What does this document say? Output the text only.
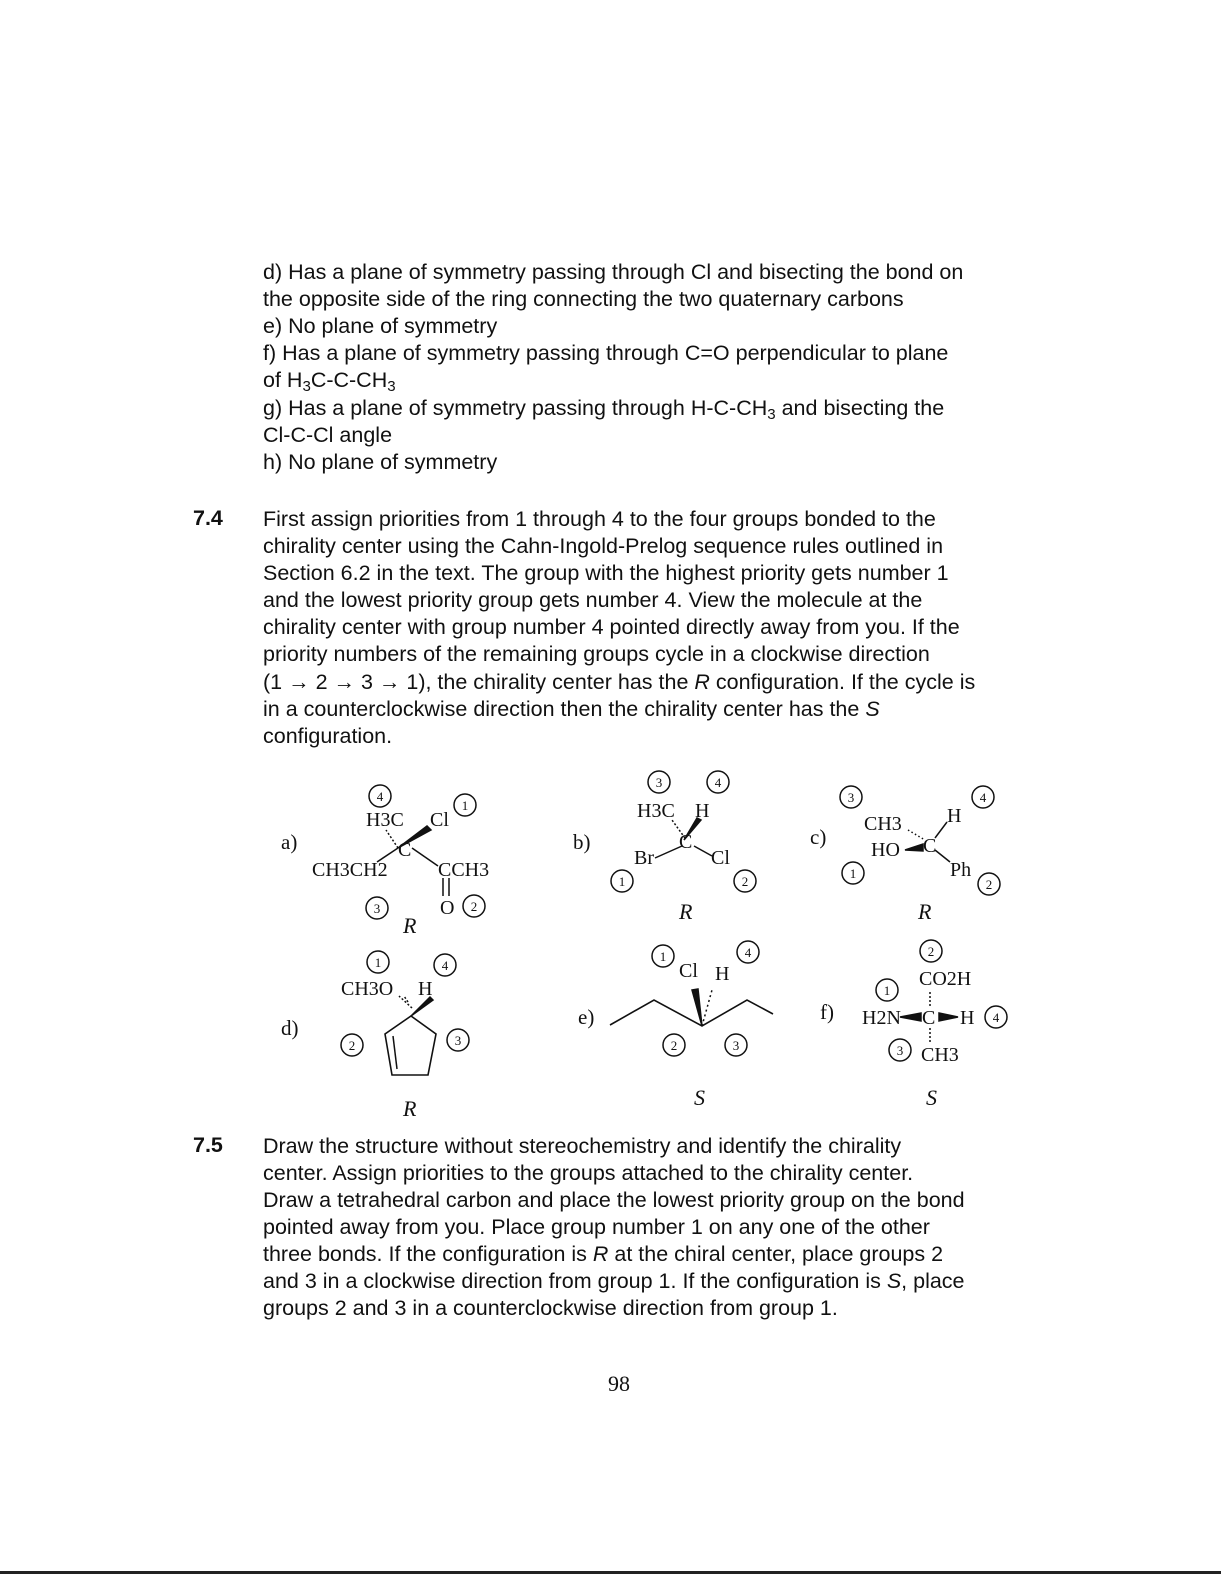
d) Has a plane of symmetry passing through Cl and bisecting the bond on
the opposite side of the ring connecting the two quaternary carbons
e) No plane of symmetry
f) Has a plane of symmetry passing through C=O perpendicular to plane
of $H_3C-C-CH_3$
g) Has a plane of symmetry passing through $H-C-CH_3$ and bisecting the
Cl-C-Cl angle
h) No plane of symmetry
7.4 First assign priorities from 1 through 4 to the four groups bonded to the
chirality center using the Cahn-Ingold-Prelog sequence rules outlined in
Section 6.2 in the text. The group with the highest priority gets number 1
and the lowest priority group gets number 4. View the molecule at the
chirality center with group number 4 pointed directly away from you. If the
priority numbers of the remaining groups cycle in a clockwise direction
(1 → 2 → 3 → 1), the chirality center has the R configuration. If the cycle is
in a counterclockwise direction then the chirality center has the S
configuration.
a)	b)	c)
d)	e)	f)
R
R	R
R	S	S
4
1
3	2
3	4
1	2
3	4
1
2
1	4
2	3
1	4
2	3
2
1
4
3
H3C Cl
C
CH3CH2	CCH3
O
H3C H
C
Br	Cl
CH3 H
HO C
Ph
CH3O H
Cl H	CO2H
H2N C H
CH3
7.5 Draw the structure without stereochemistry and identify the chirality
center. Assign priorities to the groups attached to the chirality center.
Draw a tetrahedral carbon and place the lowest priority group on the bond
pointed away from you. Place group number 1 on any one of the other
three bonds. If the configuration is R at the chiral center, place groups 2
and 3 in a clockwise direction from group 1. If the configuration is S, place
groups 2 and 3 in a counterclockwise direction from group 1.
98
